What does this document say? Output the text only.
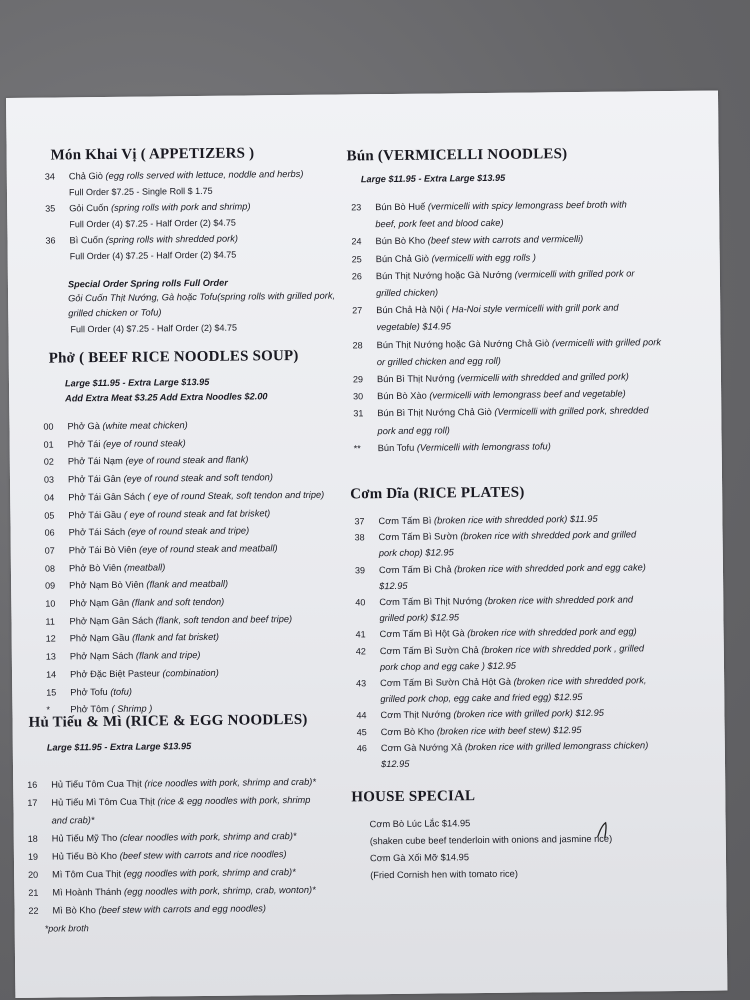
Món Khai Vị ( APPETIZERS )
34 Chả Giò (egg rolls served with lettuce, noddle and herbs)
Full Order $7.25 - Single Roll $ 1.75
35 Gỏi Cuốn (spring rolls with pork and shrimp)
Full Order (4) $7.25 - Half Order (2) $4.75
36 Bì Cuốn (spring rolls with shredded pork)
Full Order (4) $7.25 - Half Order (2) $4.75
Special Order Spring rolls Full Order
Gỏi Cuốn Thịt Nướng, Gà hoặc Tofu(spring rolls with grilled pork,
grilled chicken or Tofu)
Full Order (4) $7.25 - Half Order (2) $4.75
Phở ( BEEF RICE NOODLES SOUP)
Large $11.95 - Extra Large $13.95
Add Extra Meat $3.25 Add Extra Noodles $2.00
00 Phở Gà (white meat chicken)
01 Phở Tái (eye of round steak)
02 Phở Tái Nạm (eye of round steak and flank)
03 Phở Tái Gân (eye of round steak and soft tendon)
04 Phở Tái Gân Sách ( eye of round Steak, soft tendon and tripe)
05 Phở Tái Gầu ( eye of round steak and fat brisket)
06 Phở Tái Sách (eye of round steak and tripe)
07 Phở Tái Bò Viên (eye of round steak and meatball)
08 Phở Bò Viên (meatball)
09 Phở Nạm Bò Viên (flank and meatball)
10 Phở Nạm Gân (flank and soft tendon)
11 Phở Nạm Gân Sách (flank, soft tendon and beef tripe)
12 Phở Nạm Gầu (flank and fat brisket)
13 Phở Nạm Sách (flank and tripe)
14 Phở Đặc Biệt Pasteur (combination)
15 Phở Tofu (tofu)
* Phở Tôm ( Shrimp )
Hủ Tiếu & Mì (RICE & EGG NOODLES)
Large $11.95 - Extra Large $13.95
16 Hủ Tiếu Tôm Cua Thịt (rice noodles with pork, shrimp and crab)*
17 Hủ Tiếu Mì Tôm Cua Thịt (rice & egg noodles with pork, shrimp
and crab)*
18 Hủ Tiếu Mỹ Tho (clear noodles with pork, shrimp and crab)*
19 Hủ Tiếu Bò Kho (beef stew with carrots and rice noodles)
20 Mì Tôm Cua Thịt (egg noodles with pork, shrimp and crab)*
21 Mì Hoành Thánh (egg noodles with pork, shrimp, crab, wonton)*
22 Mì Bò Kho (beef stew with carrots and egg noodles)
*pork broth
Bún (VERMICELLI NOODLES)
Large $11.95 - Extra Large $13.95
23 Bún Bò Huế (vermicelli with spicy lemongrass beef broth with
beef, pork feet and blood cake)
24 Bún Bò Kho (beef stew with carrots and vermicelli)
25 Bún Chả Giò (vermicelli with egg rolls )
26 Bún Thịt Nướng hoặc Gà Nướng (vermicelli with grilled pork or
grilled chicken)
27 Bún Chả Hà Nội ( Ha-Noi style vermicelli with grill pork and
vegetable) $14.95
28 Bún Thịt Nướng hoặc Gà Nướng Chả Giò (vermicelli with grilled pork
or grilled chicken and egg roll)
29 Bún Bì Thịt Nướng (vermicelli with shredded and grilled pork)
30 Bún Bò Xào (vermicelli with lemongrass beef and vegetable)
31 Bún Bì Thịt Nướng Chả Giò (Vermicelli with grilled pork, shredded
pork and egg roll)
** Bún Tofu (Vermicelli with lemongrass tofu)
Cơm Dĩa (RICE PLATES)
37 Cơm Tấm Bì (broken rice with shredded pork) $11.95
38 Cơm Tấm Bì Sườn (broken rice with shredded pork and grilled
pork chop) $12.95
39 Cơm Tấm Bì Chả (broken rice with shredded pork and egg cake)
$12.95
40 Cơm Tấm Bì Thịt Nướng (broken rice with shredded pork and
grilled pork) $12.95
41 Cơm Tấm Bì Hột Gà (broken rice with shredded pork and egg)
42 Cơm Tấm Bì Sườn Chả (broken rice with shredded pork , grilled
pork chop and egg cake ) $12.95
43 Cơm Tấm Bì Sườn Chả Hột Gà (broken rice with shredded pork,
grilled pork chop, egg cake and fried egg) $12.95
44 Cơm Thịt Nướng (broken rice with grilled pork) $12.95
45 Cơm Bò Kho (broken rice with beef stew) $12.95
46 Cơm Gà Nướng Xả (broken rice with grilled lemongrass chicken)
$12.95
HOUSE SPECIAL
Cơm Bò Lúc Lắc $14.95
(shaken cube beef tenderloin with onions and jasmine rice)
Cơm Gà Xối Mỡ $14.95
(Fried Cornish hen with tomato rice)
